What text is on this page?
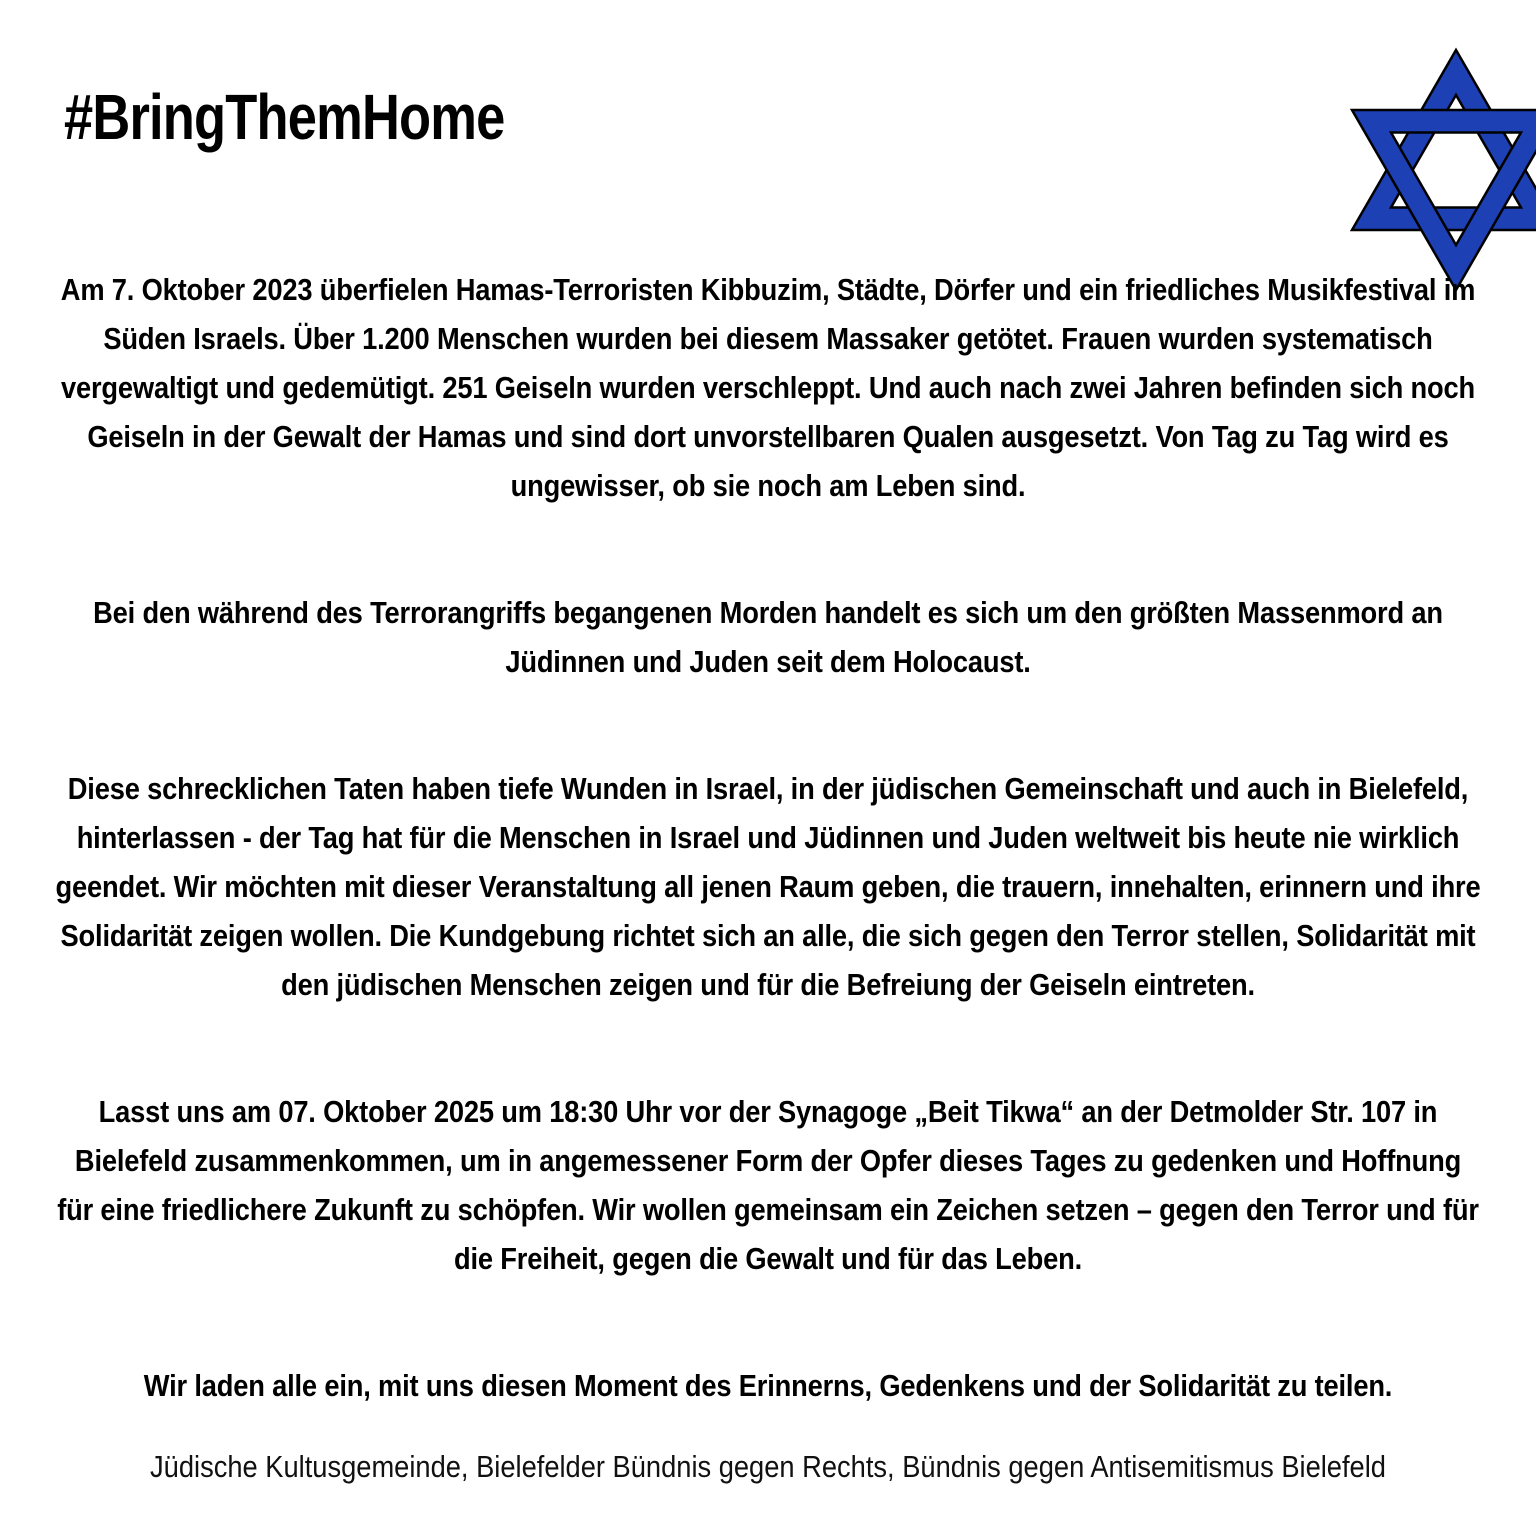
#BringThemHome

Am 7. Oktober 2023 überfielen Hamas-Terroristen Kibbuzim, Städte, Dörfer und ein friedliches Musikfestival im Süden Israels. Über 1.200 Menschen wurden bei diesem Massaker getötet. Frauen wurden systematisch vergewaltigt und gedemütigt. 251 Geiseln wurden verschleppt. Und auch nach zwei Jahren befinden sich noch Geiseln in der Gewalt der Hamas und sind dort unvorstellbaren Qualen ausgesetzt. Von Tag zu Tag wird es ungewisser, ob sie noch am Leben sind.

Bei den während des Terrorangriffs begangenen Morden handelt es sich um den größten Massenmord an Jüdinnen und Juden seit dem Holocaust.

Diese schrecklichen Taten haben tiefe Wunden in Israel, in der jüdischen Gemeinschaft und auch in Bielefeld, hinterlassen - der Tag hat für die Menschen in Israel und Jüdinnen und Juden weltweit bis heute nie wirklich geendet. Wir möchten mit dieser Veranstaltung all jenen Raum geben, die trauern, innehalten, erinnern und ihre Solidarität zeigen wollen. Die Kundgebung richtet sich an alle, die sich gegen den Terror stellen, Solidarität mit den jüdischen Menschen zeigen und für die Befreiung der Geiseln eintreten.

Lasst uns am 07. Oktober 2025 um 18:30 Uhr vor der Synagoge „Beit Tikwa“ an der Detmolder Str. 107 in Bielefeld zusammenkommen, um in angemessener Form der Opfer dieses Tages zu gedenken und Hoffnung für eine friedlichere Zukunft zu schöpfen. Wir wollen gemeinsam ein Zeichen setzen – gegen den Terror und für die Freiheit, gegen die Gewalt und für das Leben.

Wir laden alle ein, mit uns diesen Moment des Erinnerns, Gedenkens und der Solidarität zu teilen.

Jüdische Kultusgemeinde, Bielefelder Bündnis gegen Rechts, Bündnis gegen Antisemitismus Bielefeld
